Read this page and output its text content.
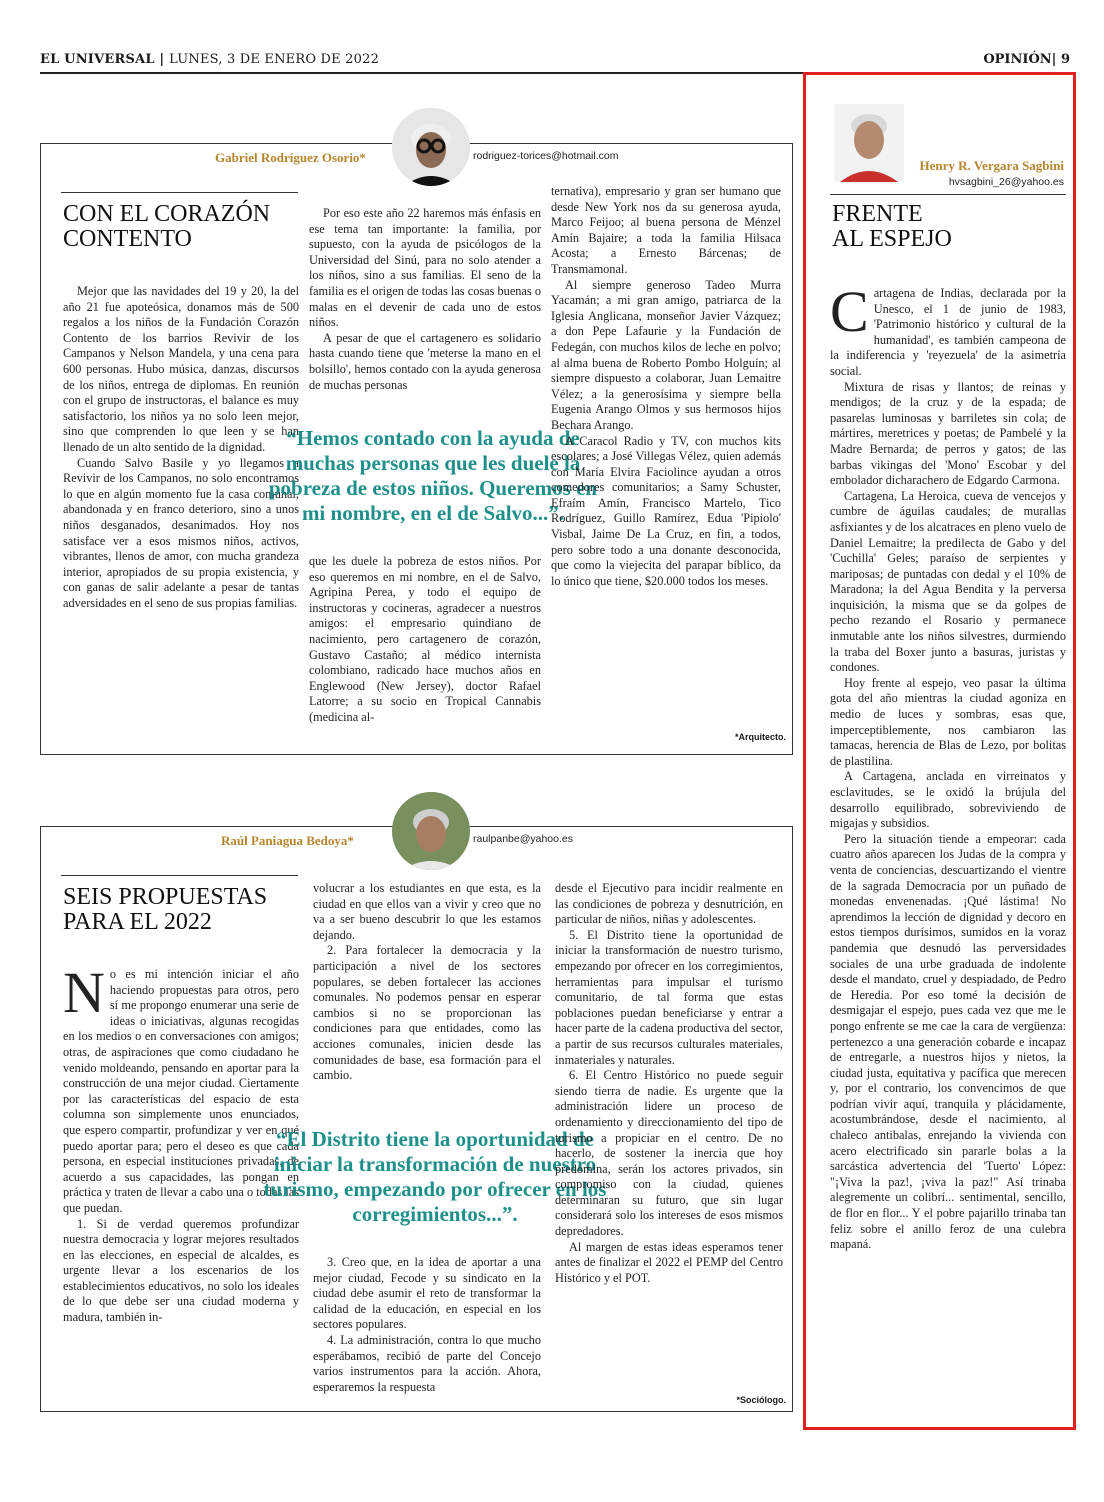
EL UNIVERSAL | LUNES, 3 DE ENERO DE 2022	OPINIÓN| 9
Gabriel Rodríguez Osorio*	rodriguez-torices@hotmail.com
CON EL CORAZÓN
CONTENTO

Mejor que las navidades del 19 y 20, la del año 21 fue apoteósica, donamos más de 500 regalos a los niños de la Fundación Corazón Contento de los barrios Revivir de los Campanos y Nelson Mandela, y una cena para 600 personas. Hubo música, danzas, discursos de los niños, entrega de diplomas. En reunión con el grupo de instructoras, el balance es muy satisfactorio, los niños ya no solo leen mejor, sino que comprenden lo que leen y se han llenado de un alto sentido de la dignidad.

Cuando Salvo Basile y yo llegamos a Revivir de los Campanos, no solo encontramos lo que en algún momento fue la casa comunal, abandonada y en franco deterioro, sino a unos niños desganados, desanimados. Hoy nos satisface ver a esos mismos niños, activos, vibrantes, llenos de amor, con mucha grandeza interior, apropiados de su propia existencia, y con ganas de salir adelante a pesar de tantas adversidades en el seno de sus propias familias.

Por eso este año 22 haremos más énfasis en ese tema tan importante: la familia, por supuesto, con la ayuda de psicólogos de la Universidad del Sinú, para no solo atender a los niños, sino a sus familias. El seno de la familia es el origen de todas las cosas buenas o malas en el devenir de cada uno de estos niños.

A pesar de que el cartagenero es solidario hasta cuando tiene que 'meterse la mano en el bolsillo', hemos contado con la ayuda generosa de muchas personas

“Hemos contado con la ayuda de muchas personas que les duele la pobreza de estos niños. Queremos en mi nombre, en el de Salvo...”.

que les duele la pobreza de estos niños. Por eso queremos en mi nombre, en el de Salvo, Agripina Perea, y todo el equipo de instructoras y cocineras, agradecer a nuestros amigos: el empresario quindiano de nacimiento, pero cartagenero de corazón, Gustavo Castaño; al médico internista colombiano, radicado hace muchos años en Englewood (New Jersey), doctor Rafael Latorre; a su socio en Tropical Cannabis (medicina al-

ternativa), empresario y gran ser humano que desde New York nos da su generosa ayuda, Marco Feijoo; al buena persona de Ménzel Amín Bajaire; a toda la familia Hilsaca Acosta; a Ernesto Bárcenas; de Transmamonal.

Al siempre generoso Tadeo Murra Yacamán; a mi gran amigo, patriarca de la Iglesia Anglicana, monseñor Javier Vázquez; a don Pepe Lafaurie y la Fundación de Fedegán, con muchos kilos de leche en polvo; al alma buena de Roberto Pombo Holguín; al siempre dispuesto a colaborar, Juan Lemaitre Vélez; a la generosísima y siempre bella Eugenia Arango Olmos y sus hermosos hijos Bechara Arango.

A Caracol Radio y TV, con muchos kits escolares; a José Villegas Vélez, quien además con María Elvira Faciolince ayudan a otros comedores comunitarios; a Samy Schuster, Efraím Amín, Francisco Martelo, Tico Rodríguez, Guillo Ramírez, Edua 'Pipiolo' Visbal, Jaime De La Cruz, en fin, a todos, pero sobre todo a una donante desconocida, que como la viejecita del parapar bíblico, da lo único que tiene, $20.000 todos los meses.

*Arquitecto.
Raúl Paniagua Bedoya*	raulpanbe@yahoo.es
SEIS PROPUESTAS
PARA EL 2022

No es mi intención iniciar el año haciendo propuestas para otros, pero sí me propongo enumerar una serie de ideas o iniciativas, algunas recogidas en los medios o en conversaciones con amigos; otras, de aspiraciones que como ciudadano he venido moldeando, pensando en aportar para la construcción de una mejor ciudad. Ciertamente por las características del espacio de esta columna son simplemente unos enunciados, que espero compartir, profundizar y ver en qué puedo aportar para; pero el deseo es que cada persona, en especial instituciones privadas, de acuerdo a sus capacidades, las pongan en práctica y traten de llevar a cabo una o todas las que puedan.

1. Si de verdad queremos profundizar nuestra democracia y lograr mejores resultados en las elecciones, en especial de alcaldes, es urgente llevar a los escenarios de los establecimientos educativos, no solo los ideales de lo que debe ser una ciudad moderna y madura, también in-

volucrar a los estudiantes en que esta, es la ciudad en que ellos van a vivir y creo que no va a ser bueno descubrir lo que les estamos dejando.

2. Para fortalecer la democracia y la participación a nivel de los sectores populares, se deben fortalecer las acciones comunales. No podemos pensar en esperar cambios si no se proporcionan las condiciones para que entidades, como las acciones comunales, inicien desde las comunidades de base, esa formación para el cambio.

“El Distrito tiene la oportunidad de iniciar la transformación de nuestro turismo, empezando por ofrecer en los corregimientos...”.

3. Creo que, en la idea de aportar a una mejor ciudad, Fecode y su sindicato en la ciudad debe asumir el reto de transformar la calidad de la educación, en especial en los sectores populares.

4. La administración, contra lo que mucho esperábamos, recibió de parte del Concejo varios instrumentos para la acción. Ahora, esperaremos la respuesta

desde el Ejecutivo para incidir realmente en las condiciones de pobreza y desnutrición, en particular de niños, niñas y adolescentes.

5. El Distrito tiene la oportunidad de iniciar la transformación de nuestro turismo, empezando por ofrecer en los corregimientos, herramientas para impulsar el turismo comunitario, de tal forma que estas poblaciones puedan beneficiarse y entrar a hacer parte de la cadena productiva del sector, a partir de sus recursos culturales materiales, inmateriales y naturales.

6. El Centro Histórico no puede seguir siendo tierra de nadie. Es urgente que la administración lidere un proceso de ordenamiento y direccionamiento del tipo de turismo a propiciar en el centro. De no hacerlo, de sostener la inercia que hoy predomina, serán los actores privados, sin compromiso con la ciudad, quienes determinaran su futuro, que sin lugar considerará solo los intereses de esos mismos depredadores.

Al margen de estas ideas esperamos tener antes de finalizar el 2022 el PEMP del Centro Histórico y el POT.

*Sociólogo.
Henry R. Vergara Sagbini
hvsagbini_26@yahoo.es
FRENTE
AL ESPEJO

Cartagena de Indias, declarada por la Unesco, el 1 de junio de 1983, 'Patrimonio histórico y cultural de la humanidad', es también campeona de la indiferencia y 'reyezuela' de la asimetría social.

Mixtura de risas y llantos; de reinas y mendigos; de la cruz y de la espada; de pasarelas luminosas y barriletes sin cola; de mártires, meretrices y poetas; de Pambelé y la Madre Bernarda; de perros y gatos; de las barbas vikingas del 'Mono' Escobar y del embolador dicharachero de Edgardo Carmona.

Cartagena, La Heroica, cueva de vencejos y cumbre de águilas caudales; de murallas asfixiantes y de los alcatraces en pleno vuelo de Daniel Lemaitre; la predilecta de Gabo y del 'Cuchilla' Geles; paraíso de serpientes y mariposas; de puntadas con dedal y el 10% de Maradona; la del Agua Bendita y la perversa inquisición, la misma que se da golpes de pecho rezando el Rosario y permanece inmutable ante los niños silvestres, durmiendo la traba del Boxer junto a basuras, juristas y condones.

Hoy frente al espejo, veo pasar la última gota del año mientras la ciudad agoniza en medio de luces y sombras, esas que, imperceptiblemente, nos cambiaron las tamacas, herencia de Blas de Lezo, por bolitas de plastilina.

A Cartagena, anclada en virreinatos y esclavitudes, se le oxidó la brújula del desarrollo equilibrado, sobreviviendo de migajas y subsidios.

Pero la situación tiende a empeorar: cada cuatro años aparecen los Judas de la compra y venta de conciencias, descuartizando el vientre de la sagrada Democracia por un puñado de monedas envenenadas. ¡Qué lástima! No aprendimos la lección de dignidad y decoro en estos tiempos durísimos, sumidos en la voraz pandemia que desnudó las perversidades sociales de una urbe graduada de indolente desde el mandato, cruel y despiadado, de Pedro de Heredia. Por eso tomé la decisión de desmigajar el espejo, pues cada vez que me le pongo enfrente se me cae la cara de vergüenza: pertenezco a una generación cobarde e incapaz de entregarle, a nuestros hijos y nietos, la ciudad justa, equitativa y pacífica que merecen y, por el contrario, los convencimos de que podrían vivir aquí, tranquila y plácidamente, acostumbrándose, desde el nacimiento, al chaleco antibalas, enrejando la vivienda con acero electrificado sin pararle bolas a la sarcástica advertencia del 'Tuerto' López: "¡Viva la paz!, ¡viva la paz!" Así trinaba alegremente un colibrí... sentimental, sencillo, de flor en flor... Y el pobre pajarillo trinaba tan feliz sobre el anillo feroz de una culebra mapaná.
